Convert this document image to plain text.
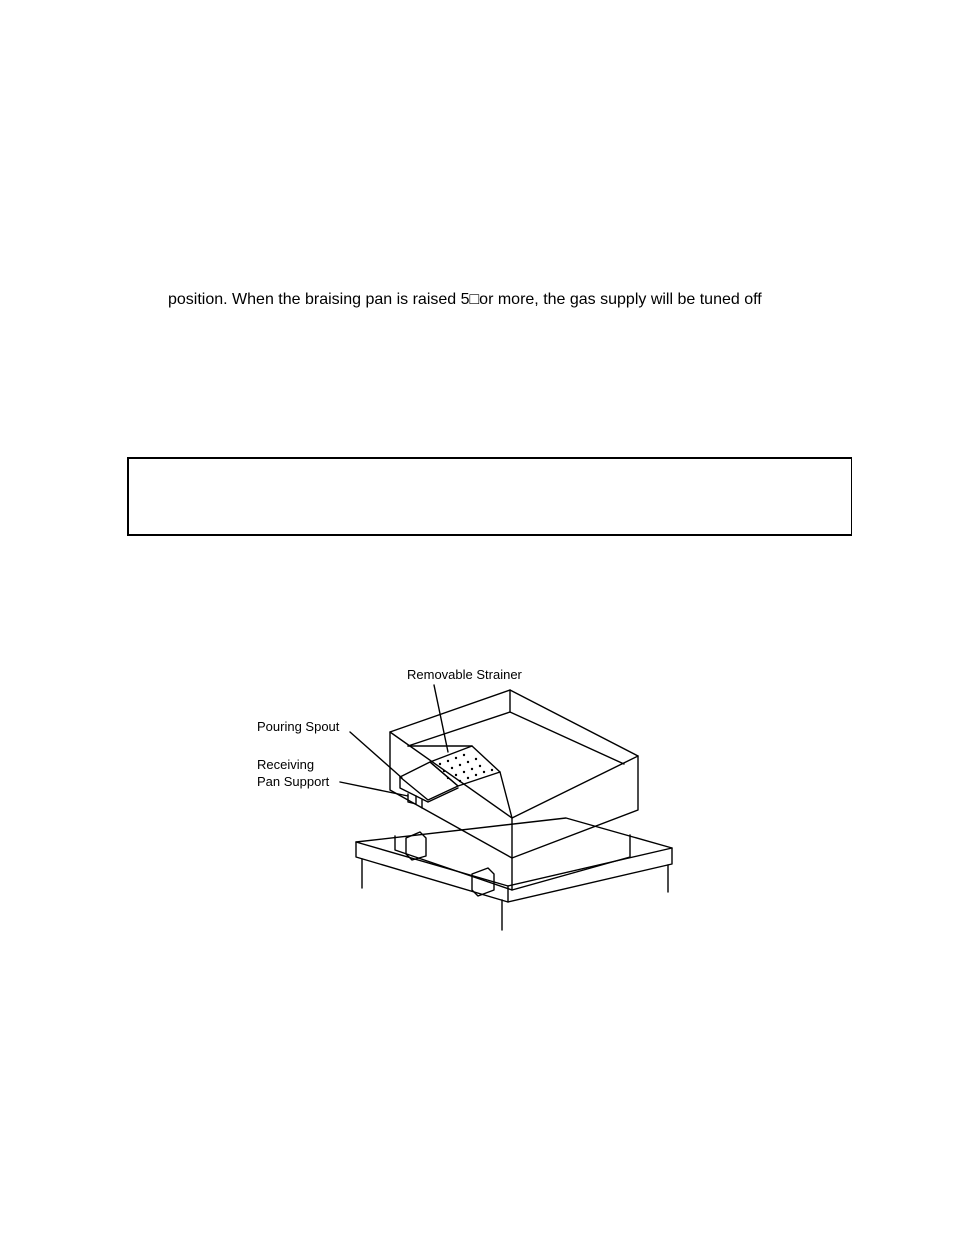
position. When the braising pan is raised 5□or more, the gas supply will be tuned off
Removable Strainer
Pouring Spout
Receiving
Pan Support
